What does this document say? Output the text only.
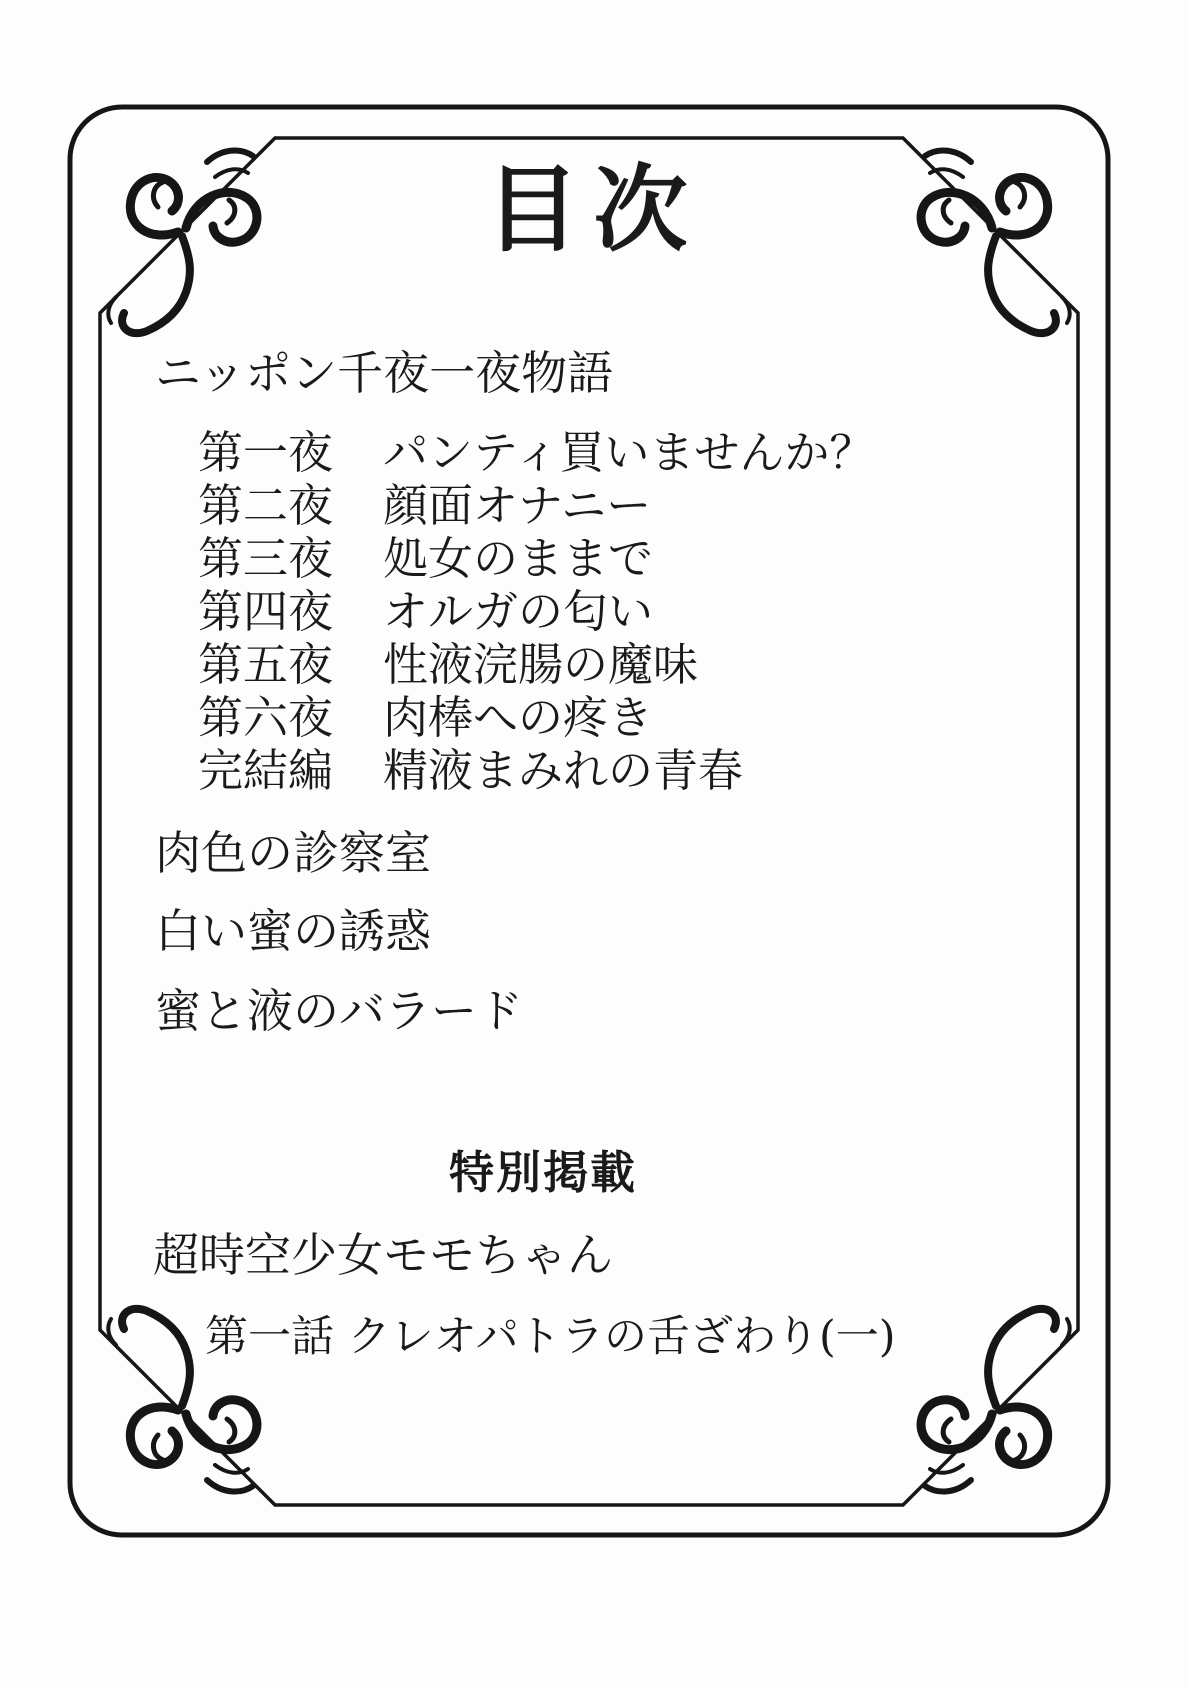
目次
ニッポン千夜一夜物語
第一夜 パンティ買いませんか？
第二夜 顔面オナニー
第三夜 処女のままで
第四夜 オルガの匂い
第五夜 性液浣腸の魔味
第六夜 肉棒への疼き
完結編 精液まみれの青春
肉色の診察室
白い蜜の誘惑
蜜と液のバラード
特別掲載
超時空少女モモちゃん
第一話 クレオパトラの舌ざわり(一)
